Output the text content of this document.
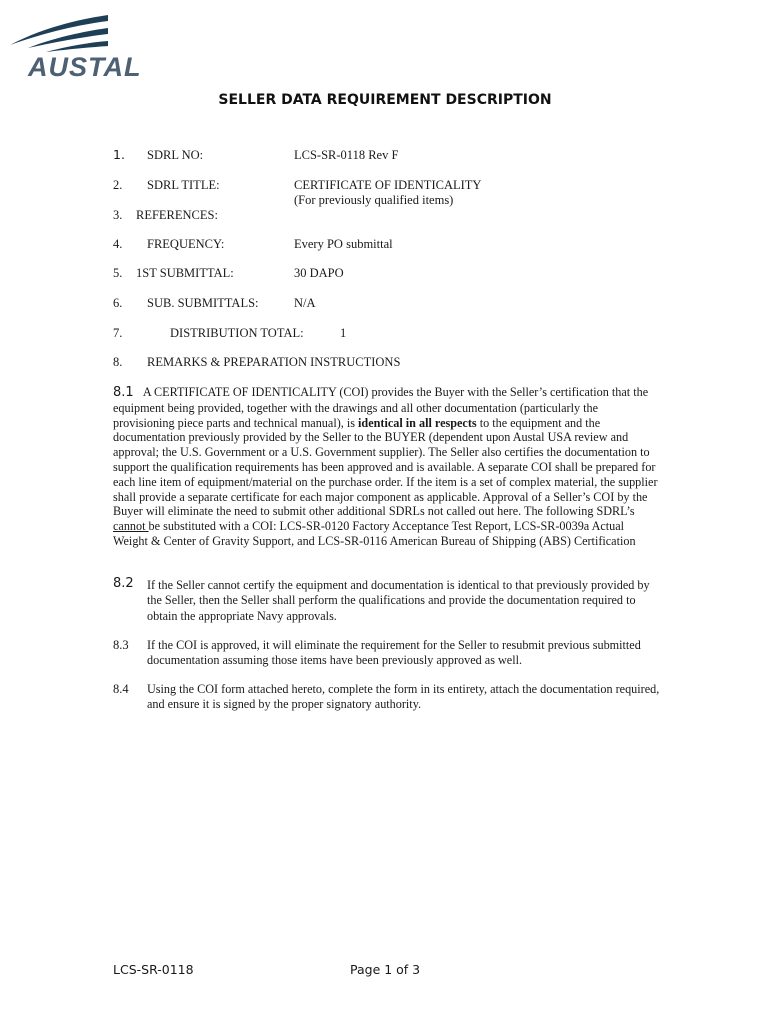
AUSTAL
SELLER DATA REQUIREMENT DESCRIPTION
1. SDRL NO:	LCS-SR-0118 Rev F
2. SDRL TITLE:	CERTIFICATE OF IDENTICALITY
(For previously qualified items)
3. REFERENCES:
4. FREQUENCY:	Every PO submittal
5. 1ST SUBMITTAL:	30 DAPO
6. SUB. SUBMITTALS:	N/A
7.	DISTRIBUTION TOTAL:	1
8. REMARKS & PREPARATION INSTRUCTIONS
8.1 A CERTIFICATE OF IDENTICALITY (COI) provides the Buyer with the Seller’s certification that the equipment being provided, together with the drawings and all other documentation (particularly the provisioning piece parts and technical manual), is identical in all respects to the equipment and the documentation previously provided by the Seller to the BUYER (dependent upon Austal USA review and approval; the U.S. Government or a U.S. Government supplier). The Seller also certifies the documentation to support the qualification requirements has been approved and is available. A separate COI shall be prepared for each line item of equipment/material on the purchase order. If the item is a set of complex material, the supplier shall provide a separate certificate for each major component as applicable. Approval of a Seller’s COI by the Buyer will eliminate the need to submit other additional SDRLs not called out here. The following SDRL’s cannot be substituted with a COI: LCS-SR-0120 Factory Acceptance Test Report, LCS-SR-0039a Actual Weight & Center of Gravity Support, and LCS-SR-0116 American Bureau of Shipping (ABS) Certification
8.2 If the Seller cannot certify the equipment and documentation is identical to that previously provided by the Seller, then the Seller shall perform the qualifications and provide the documentation required to obtain the appropriate Navy approvals.
8.3 If the COI is approved, it will eliminate the requirement for the Seller to resubmit previous submitted documentation assuming those items have been previously approved as well.
8.4 Using the COI form attached hereto, complete the form in its entirety, attach the documentation required, and ensure it is signed by the proper signatory authority.
LCS-SR-0118	Page 1 of 3
